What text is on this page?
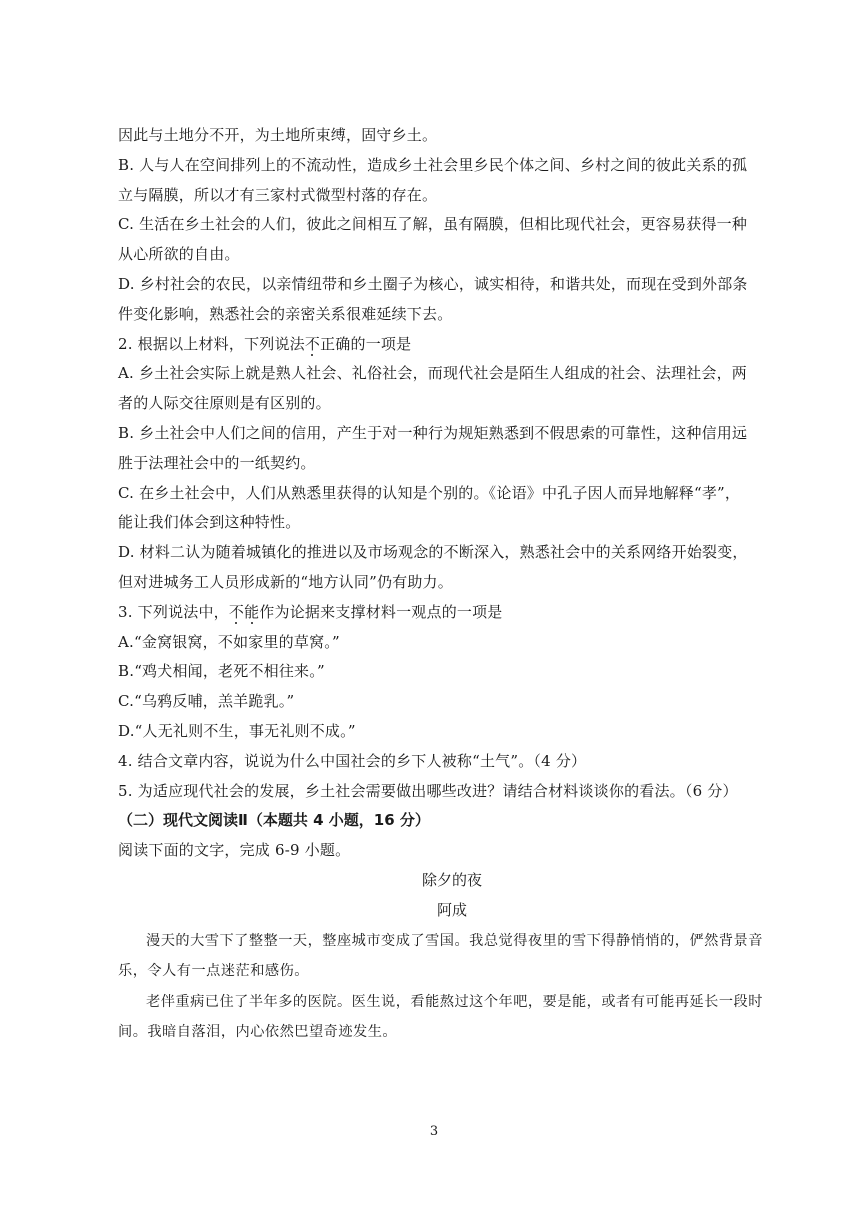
因此与土地分不开，为土地所束缚，固守乡土。
B. 人与人在空间排列上的不流动性，造成乡土社会里乡民个体之间、乡村之间的彼此关系的孤
立与隔膜，所以才有三家村式微型村落的存在。
C. 生活在乡土社会的人们，彼此之间相互了解，虽有隔膜，但相比现代社会，更容易获得一种
从心所欲的自由。
D. 乡村社会的农民，以亲情纽带和乡土圈子为核心，诚实相待，和谐共处，而现在受到外部条
件变化影响，熟悉社会的亲密关系很难延续下去。
2. 根据以上材料，下列说法不正确的一项是
A. 乡土社会实际上就是熟人社会、礼俗社会，而现代社会是陌生人组成的社会、法理社会，两
者的人际交往原则是有区别的。
B. 乡土社会中人们之间的信用，产生于对一种行为规矩熟悉到不假思索的可靠性，这种信用远
胜于法理社会中的一纸契约。
C. 在乡土社会中，人们从熟悉里获得的认知是个别的。《论语》中孔子因人而异地解释“孝”，
能让我们体会到这种特性。
D. 材料二认为随着城镇化的推进以及市场观念的不断深入，熟悉社会中的关系网络开始裂变，
但对进城务工人员形成新的“地方认同”仍有助力。
3. 下列说法中，不能作为论据来支撑材料一观点的一项是
A.“金窝银窝，不如家里的草窝。”
B.“鸡犬相闻，老死不相往来。”
C.“乌鸦反哺，羔羊跪乳。”
D.“人无礼则不生，事无礼则不成。”
4. 结合文章内容，说说为什么中国社会的乡下人被称“土气”。（4 分）
5. 为适应现代社会的发展，乡土社会需要做出哪些改进？请结合材料谈谈你的看法。（6 分）
（二）现代文阅读Ⅱ（本题共 4 小题，16 分）
阅读下面的文字，完成 6-9 小题。
除夕的夜
阿成
漫天的大雪下了整整一天，整座城市变成了雪国。我总觉得夜里的雪下得静悄悄的，俨然背景音
乐，令人有一点迷茫和感伤。
老伴重病已住了半年多的医院。医生说，看能熬过这个年吧，要是能，或者有可能再延长一段时
间。我暗自落泪，内心依然巴望奇迹发生。
3
